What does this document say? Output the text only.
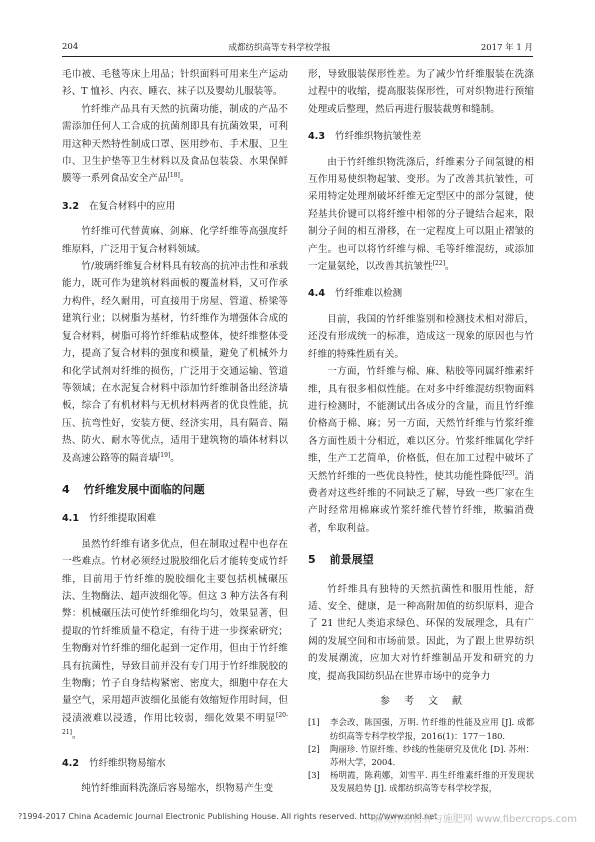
204	成都纺织高等专科学校学报	2017 年 1 月

毛巾被、毛毯等床上用品；针织面料可用来生产运动衫、T 恤衫、内衣、睡衣、袜子以及婴幼儿服装等。

竹纤维产品具有天然的抗菌功能，制成的产品不需添加任何人工合成的抗菌剂即具有抗菌效果，可利用这种天然特性制成口罩、医用纱布、手术服、卫生巾、卫生护垫等卫生材料以及食品包装袋、水果保鲜膜等一系列食品安全产品[18]。

3.2 在复合材料中的应用

竹纤维可代替黄麻、剑麻、化学纤维等高强度纤维原料，广泛用于复合材料领域。

竹/玻璃纤维复合材料具有较高的抗冲击性和承载能力，既可作为建筑材料面板的覆盖材料，又可作承力构件，经久耐用，可直接用于房屋、管道、桥梁等建筑行业；以树脂为基材，竹纤维作为增强体合成的复合材料，树脂可将竹纤维粘成整体，使纤维整体受力，提高了复合材料的强度和模量，避免了机械外力和化学试剂对纤维的损伤，广泛用于交通运输、管道等领域；在水泥复合材料中添加竹纤维制备出经济墙板，综合了有机材料与无机材料两者的优良性能，抗压、抗弯性好，安装方便、经济实用，具有隔音、隔热、防火、耐水等优点，适用于建筑物的墙体材料以及高速公路等的隔音墙[19]。

4 竹纤维发展中面临的问题
4.1 竹纤维提取困难

虽然竹纤维有诸多优点，但在制取过程中也存在一些难点。竹材必须经过脱胶细化后才能转变成竹纤维，目前用于竹纤维的脱胶细化主要包括机械碾压法、生物酶法、超声波细化等。但这 3 种方法各有利弊：机械碾压法可使竹纤维细化均匀，效果显著，但提取的竹纤维质量不稳定，有待于进一步探索研究；生物酶对竹纤维的细化起到一定作用，但由于竹纤维具有抗菌性，导致目前并没有专门用于竹纤维脱胶的生物酶；竹子自身结构紧密、密度大，细胞中存在大量空气，采用超声波细化虽能有效缩短作用时间，但浸渍液难以浸透，作用比较弱，细化效果不明显[20-21]。

4.2 竹纤维织物易缩水

纯竹纤维面料洗涤后容易缩水，织物易产生变

形，导致服装保形性差。为了减少竹纤维服装在洗涤过程中的收缩，提高服装保形性，可对织物进行预缩处理或后整理，然后再进行服装裁剪和缝制。

4.3 竹纤维织物抗皱性差

由于竹纤维织物洗涤后，纤维素分子间氢键的相互作用易使织物起皱、变形。为了改善其抗皱性，可采用特定处理剂破坏纤维无定型区中的部分氢键，使羟基共价键可以将纤维中相邻的分子键结合起来，限制分子间的相互滑移，在一定程度上可以阻止褶皱的产生。也可以将竹纤维与棉、毛等纤维混纺，或添加一定量氨纶，以改善其抗皱性[22]。

4.4 竹纤维难以检测

目前，我国的竹纤维鉴别和检测技术相对滞后，还没有形成统一的标准，造成这一现象的原因也与竹纤维的特殊性质有关。

一方面，竹纤维与棉、麻、粘胶等同属纤维素纤维，具有很多相似性能。在对多中纤维混纺织物面料进行检测时，不能测试出各成分的含量，而且竹纤维价格高于棉、麻；另一方面，天然竹纤维与竹浆纤维各方面性质十分相近，难以区分。竹浆纤维属化学纤维，生产工艺简单，价格低，但在加工过程中破坏了天然竹纤维的一些优良特性，使其功能性降低[23]。消费者对这些纤维的不同缺乏了解，导致一些厂家在生产时经常用棉麻或竹浆纤维代替竹纤维，欺骗消费者，牟取利益。

5 前景展望

竹纤维具有独特的天然抗菌性和服用性能，舒适、安全、健康，是一种高附加值的纺织原料，迎合了 21 世纪人类追求绿色、环保的发展理念，具有广阔的发展空间和市场前景。因此，为了跟上世界纺织的发展潮流，应加大对竹纤维制品开发和研究的力度，提高我国纺织品在世界市场中的竞争力

参考文献
[1]	李会改，陈国强，万明. 竹纤维的性能及应用 [J]. 成都纺织高等专科学校学报，2016(1)：177－180.
[2]	陶丽珍. 竹原纤维、纱线的性能研究及优化 [D]. 苏州：苏州大学，2004.
[3]	杨明霞，陈莉娜，刘雪平. 再生纤维素纤维的开发现状及发展趋势 [J]. 成都纺织高等专科学校学报，
?1994-2017 China Academic Journal Electronic Publishing House. All rights reserved. http://www.cnki.net
麻类作物营养与施肥网 www.fibercrops.com
